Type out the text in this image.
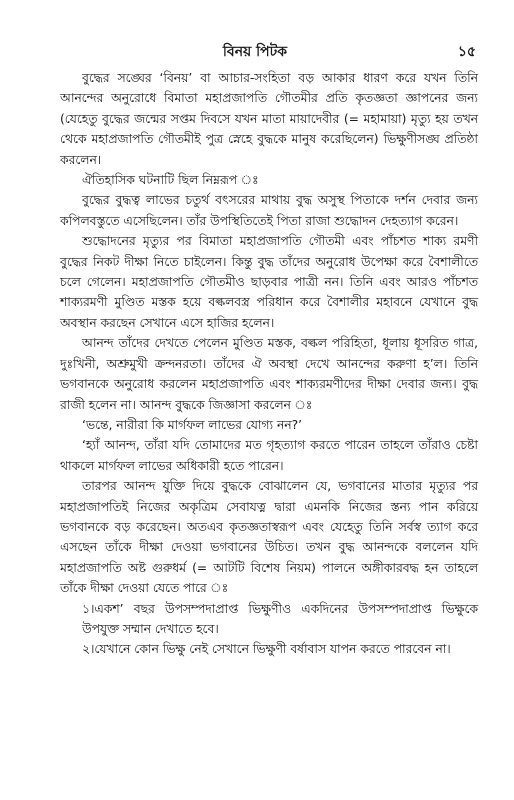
বিনয় পিটক	১৫

বুদ্ধের সঙ্ঘের ‘বিনয়’ বা আচার-সংহিতা বড় আকার ধারণ করে যখন তিনি আনন্দের অনুরোধে বিমাতা মহাপ্রজাপতি গৌতমীর প্রতি কৃতজ্ঞতা জ্ঞাপনের জন্য (যেহেতু বুদ্ধের জন্মের সপ্তম দিবসে যখন মাতা মায়াদেবীর (= মহামায়া) মৃত্যু হয় তখন থেকে মহাপ্রজাপতি গৌতমীই পুত্র স্নেহে বুদ্ধকে মানুষ করেছিলেন) ভিক্ষুণীসঙ্ঘ প্রতিষ্ঠা করলেন।

ঐতিহাসিক ঘটনাটি ছিল নিম্নরূপ ঃ

বুদ্ধের বুদ্ধত্ব লাভের চতুর্থ বৎসরের মাথায় বুদ্ধ অসুস্থ পিতাকে দর্শন দেবার জন্য কপিলবস্তুতে এসেছিলেন। তাঁর উপস্থিতিতেই পিতা রাজা শুদ্ধোদন দেহত্যাগ করেন।

শুদ্ধোদনের মৃত্যুর পর বিমাতা মহাপ্রজাপতি গৌতমী এবং পাঁচশত শাক্য রমণী বুদ্ধের নিকট দীক্ষা নিতে চাইলেন। কিন্তু বুদ্ধ তাঁদের অনুরোধ উপেক্ষা করে বৈশালীতে চলে গেলেন। মহাপ্রজাপতি গৌতমীও ছাড়বার পাত্রী নন। তিনি এবং আরও পাঁচশত শাক্যরমণী মুণ্ডিত মস্তক হয়ে বল্কলবস্ত্র পরিধান করে বৈশালীর মহাবনে যেখানে বুদ্ধ অবস্থান করছেন সেখানে এসে হাজির হলেন।

আনন্দ তাঁদের দেখতে পেলেন মুণ্ডিত মস্তক, বল্কল পরিহিতা, ধূলায় ধূসরিত গাত্র, দুঃখিনী, অশ্রুমুখী ক্রন্দনরতা। তাঁদের ঐ অবস্থা দেখে আনন্দের করুণা হ’ল। তিনি ভগবানকে অনুরোধ করলেন মহাপ্রজাপতি এবং শাক্যরমণীদের দীক্ষা দেবার জন্য। বুদ্ধ রাজী হলেন না। আনন্দ বুদ্ধকে জিজ্ঞাসা করলেন ঃ

‘ভন্তে, নারীরা কি মার্গফল লাভের যোগ্য নন?’

‘হ্যাঁ আনন্দ, তাঁরা যদি তোমাদের মত গৃহত্যাগ করতে পারেন তাহলে তাঁরাও চেষ্টা থাকলে মার্গফল লাভের অধিকারী হতে পারেন।

তারপর আনন্দ যুক্তি দিয়ে বুদ্ধকে বোঝালেন যে, ভগবানের মাতার মৃত্যুর পর মহাপ্রজাপতিই নিজের অকৃত্রিম সেবাযত্ন দ্বারা এমনকি নিজের স্তন্য পান করিয়ে ভগবানকে বড় করেছেন। অতএব কৃতজ্ঞতাস্বরূপ এবং যেহেতু তিনি সর্বস্ব ত্যাগ করে এসছেন তাঁকে দীক্ষা দেওয়া ভগবানের উচিত। তখন বুদ্ধ আনন্দকে বললেন যদি মহাপ্রজাপতি অষ্ট গুরুধর্ম (= আটটি বিশেষ নিয়ম) পালনে অঙ্গীকারবদ্ধ হন তাহলে তাঁকে দীক্ষা দেওয়া যেতে পারে ঃ

১।একশ’ বছর উপসম্পদাপ্রাপ্ত ভিক্ষুণীও একদিনের উপসম্পদাপ্রাপ্ত ভিক্ষুকে উপযুক্ত সম্মান দেখাতে হবে।

২।যেখানে কোন ভিক্ষু নেই সেখানে ভিক্ষুণী বর্ষাবাস যাপন করতে পারবেন না।
